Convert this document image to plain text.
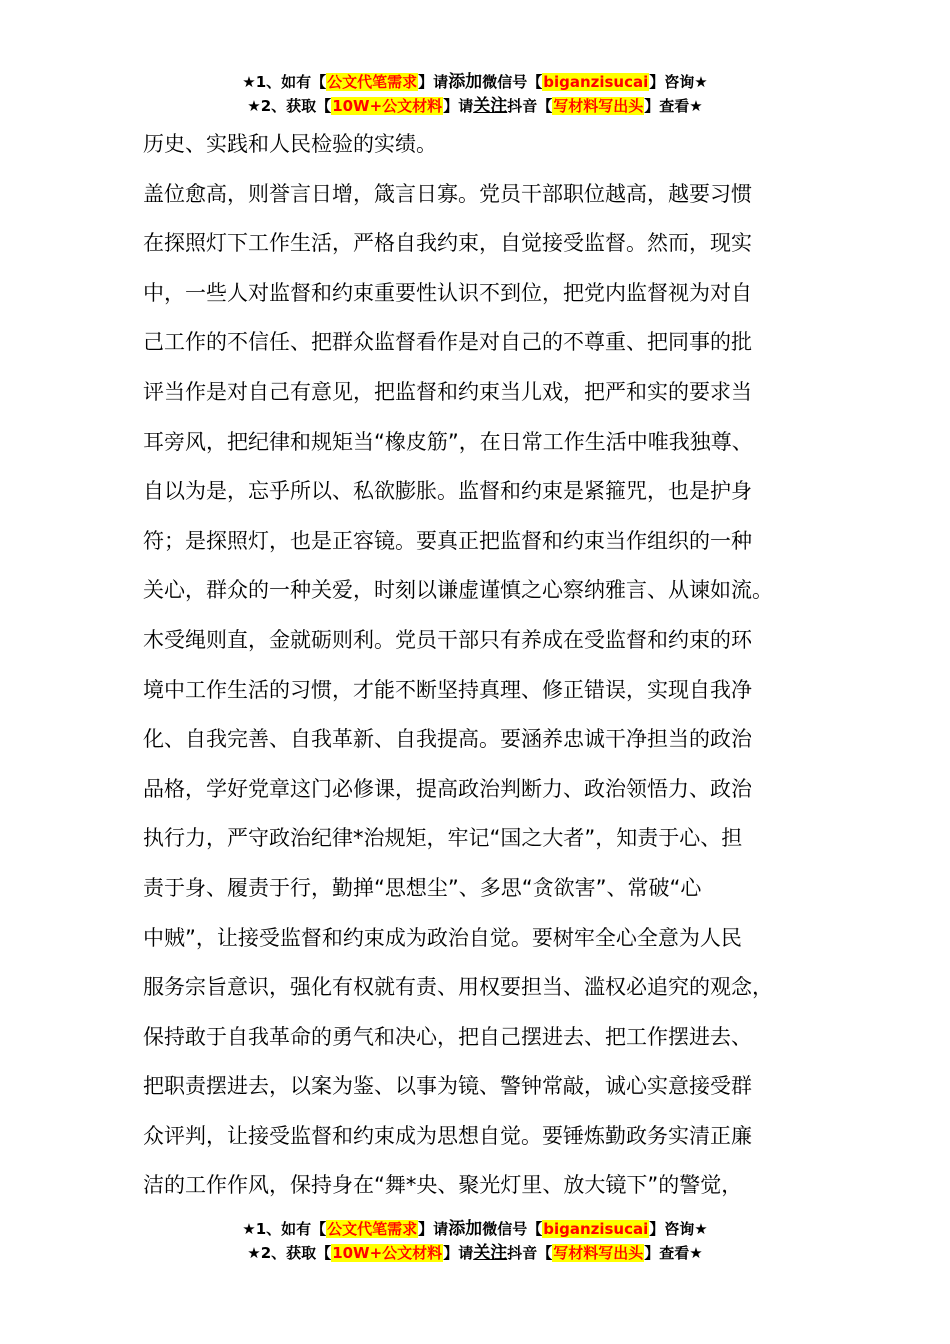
★1、如有【公文代笔需求】请添加微信号【biganzisucai】咨询★
★2、获取【10W+公文材料】请关注抖音【写材料写出头】查看★
历史、实践和人民检验的实绩。
盖位愈高，则誉言日增，箴言日寡。党员干部职位越高，越要习惯
在探照灯下工作生活，严格自我约束，自觉接受监督。然而，现实
中，一些人对监督和约束重要性认识不到位，把党内监督视为对自
己工作的不信任、把群众监督看作是对自己的不尊重、把同事的批
评当作是对自己有意见，把监督和约束当儿戏，把严和实的要求当
耳旁风，把纪律和规矩当“橡皮筋”，在日常工作生活中唯我独尊、
自以为是，忘乎所以、私欲膨胀。监督和约束是紧箍咒，也是护身
符；是探照灯，也是正容镜。要真正把监督和约束当作组织的一种
关心，群众的一种关爱，时刻以谦虚谨慎之心察纳雅言、从谏如流。
木受绳则直，金就砺则利。党员干部只有养成在受监督和约束的环
境中工作生活的习惯，才能不断坚持真理、修正错误，实现自我净
化、自我完善、自我革新、自我提高。要涵养忠诚干净担当的政治
品格，学好党章这门必修课，提高政治判断力、政治领悟力、政治
执行力，严守政治纪律*治规矩，牢记“国之大者”，知责于心、担
责于身、履责于行，勤掸“思想尘”、多思“贪欲害”、常破“心
中贼”，让接受监督和约束成为政治自觉。要树牢全心全意为人民
服务宗旨意识，强化有权就有责、用权要担当、滥权必追究的观念，
保持敢于自我革命的勇气和决心，把自己摆进去、把工作摆进去、
把职责摆进去，以案为鉴、以事为镜、警钟常敲，诚心实意接受群
众评判，让接受监督和约束成为思想自觉。要锤炼勤政务实清正廉
洁的工作作风，保持身在“舞*央、聚光灯里、放大镜下”的警觉，
★1、如有【公文代笔需求】请添加微信号【biganzisucai】咨询★
★2、获取【10W+公文材料】请关注抖音【写材料写出头】查看★
